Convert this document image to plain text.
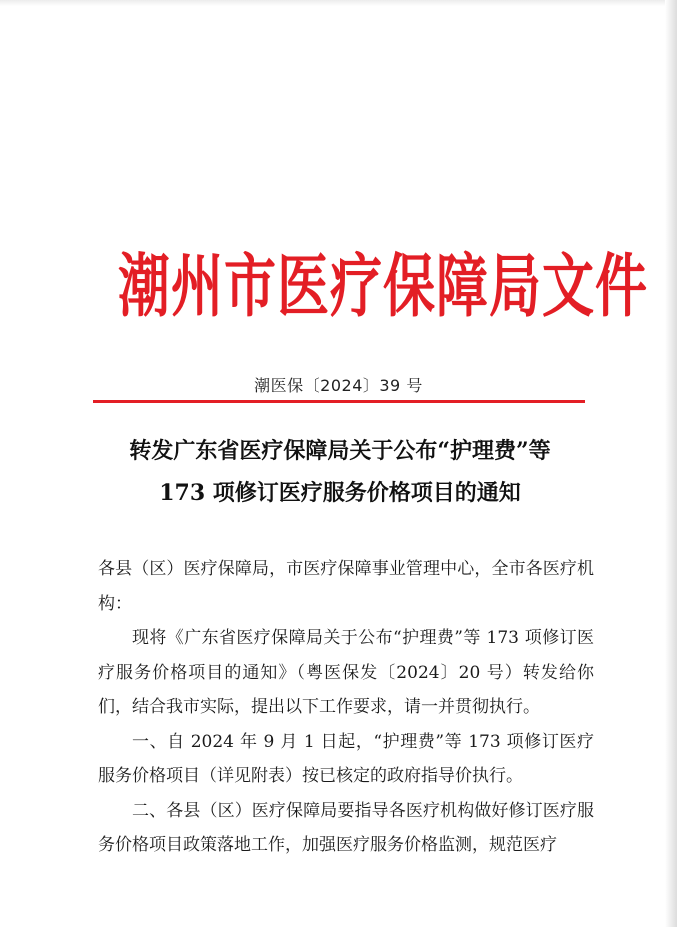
潮州市医疗保障局文件
潮医保〔2024〕39 号
转发广东省医疗保障局关于公布“护理费”等
173 项修订医疗服务价格项目的通知

各县（区）医疗保障局，市医疗保障事业管理中心，全市各医疗机构：

现将《广东省医疗保障局关于公布“护理费”等 173 项修订医疗服务价格项目的通知》（粤医保发〔2024〕20 号）转发给你们，结合我市实际，提出以下工作要求，请一并贯彻执行。

一、自 2024 年 9 月 1 日起，“护理费”等 173 项修订医疗服务价格项目（详见附表）按已核定的政府指导价执行。

二、各县（区）医疗保障局要指导各医疗机构做好修订医疗服务价格项目政策落地工作，加强医疗服务价格监测，规范医疗
